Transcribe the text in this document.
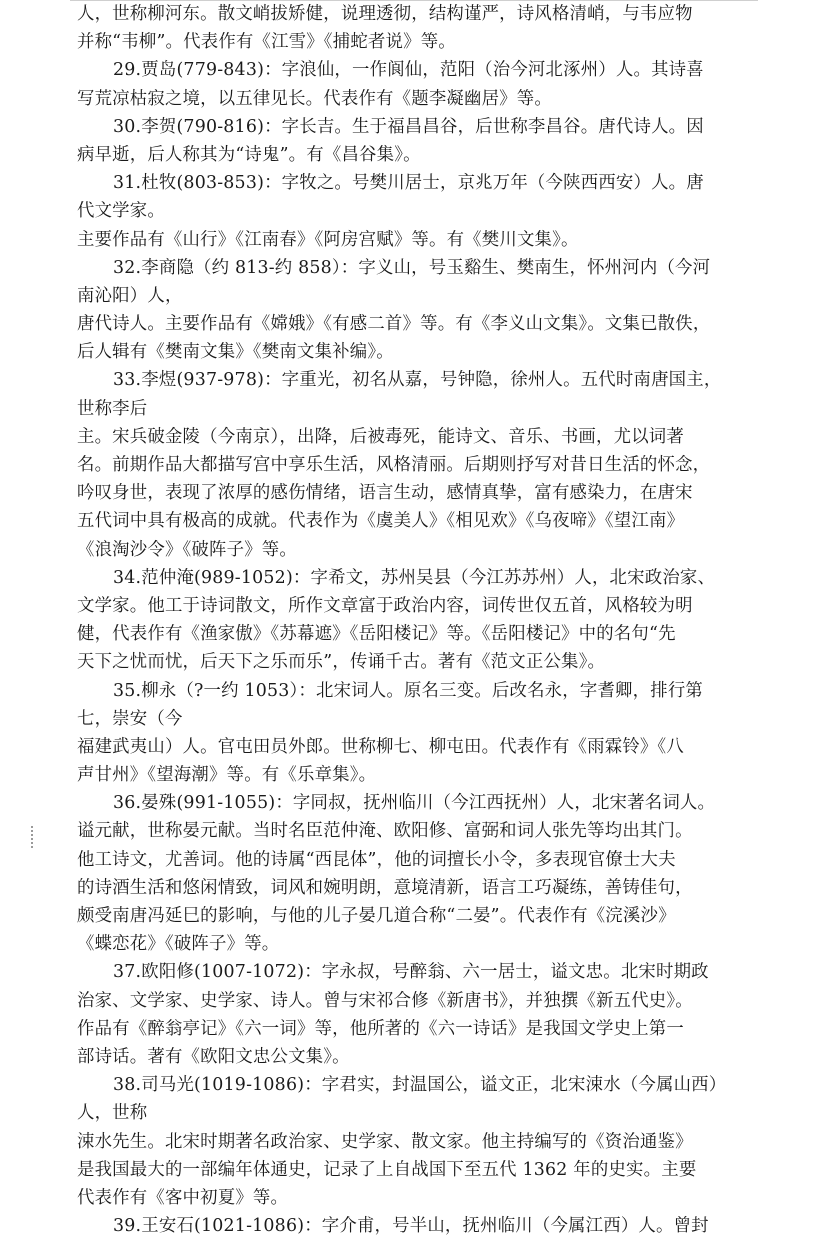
人，世称柳河东。散文峭拔矫健，说理透彻，结构谨严，诗风格清峭，与韦应物
并称“韦柳”。代表作有《江雪》《捕蛇者说》等。
29.贾岛(779-843)：字浪仙，一作阆仙，范阳（治今河北涿州）人。其诗喜
写荒凉枯寂之境，以五律见长。代表作有《题李凝幽居》等。
30.李贺(790-816)：字长吉。生于福昌昌谷，后世称李昌谷。唐代诗人。因
病早逝，后人称其为“诗鬼”。有《昌谷集》。
31.杜牧(803-853)：字牧之。号樊川居士，京兆万年（今陕西西安）人。唐
代文学家。
主要作品有《山行》《江南春》《阿房宫赋》等。有《樊川文集》。
32.李商隐（约 813-约 858）：字义山，号玉谿生、樊南生，怀州河内（今河
南沁阳）人，
唐代诗人。主要作品有《嫦娥》《有感二首》等。有《李义山文集》。文集已散佚，
后人辑有《樊南文集》《樊南文集补编》。
33.李煜(937-978)：字重光，初名从嘉，号钟隐，徐州人。五代时南唐国主，
世称李后
主。宋兵破金陵（今南京），出降，后被毒死，能诗文、音乐、书画，尤以词著
名。前期作品大都描写宫中享乐生活，风格清丽。后期则抒写对昔日生活的怀念，
吟叹身世，表现了浓厚的感伤情绪，语言生动，感情真挚，富有感染力，在唐宋
五代词中具有极高的成就。代表作为《虞美人》《相见欢》《乌夜啼》《望江南》
《浪淘沙令》《破阵子》等。
34.范仲淹(989-1052)：字希文，苏州吴县（今江苏苏州）人，北宋政治家、
文学家。他工于诗词散文，所作文章富于政治内容，词传世仅五首，风格较为明
健，代表作有《渔家傲》《苏幕遮》《岳阳楼记》等。《岳阳楼记》中的名句“先
天下之忧而忧，后天下之乐而乐”，传诵千古。著有《范文正公集》。
35.柳永（?一约 1053）：北宋词人。原名三变。后改名永，字耆卿，排行第
七，崇安（今
福建武夷山）人。官屯田员外郎。世称柳七、柳屯田。代表作有《雨霖铃》《八
声甘州》《望海潮》等。有《乐章集》。
36.晏殊(991-1055)：字同叔，抚州临川（今江西抚州）人，北宋著名词人。
谥元献，世称晏元献。当时名臣范仲淹、欧阳修、富弼和词人张先等均出其门。
他工诗文，尤善词。他的诗属“西昆体”，他的词擅长小令，多表现官僚士大夫
的诗酒生活和悠闲情致，词风和婉明朗，意境清新，语言工巧凝练，善铸佳句，
颇受南唐冯延巳的影响，与他的儿子晏几道合称“二晏”。代表作有《浣溪沙》
《蝶恋花》《破阵子》等。
37.欧阳修(1007-1072)：字永叔，号醉翁、六一居士，谥文忠。北宋时期政
治家、文学家、史学家、诗人。曾与宋祁合修《新唐书》，并独撰《新五代史》。
作品有《醉翁亭记》《六一词》等，他所著的《六一诗话》是我国文学史上第一
部诗话。著有《欧阳文忠公文集》。
38.司马光(1019-1086)：字君实，封温国公，谥文正，北宋涑水（今属山西）
人，世称
涑水先生。北宋时期著名政治家、史学家、散文家。他主持编写的《资治通鉴》
是我国最大的一部编年体通史，记录了上自战国下至五代 1362 年的史实。主要
代表作有《客中初夏》等。
39.王安石(1021-1086)：字介甫，号半山，抚州临川（今属江西）人。曾封
